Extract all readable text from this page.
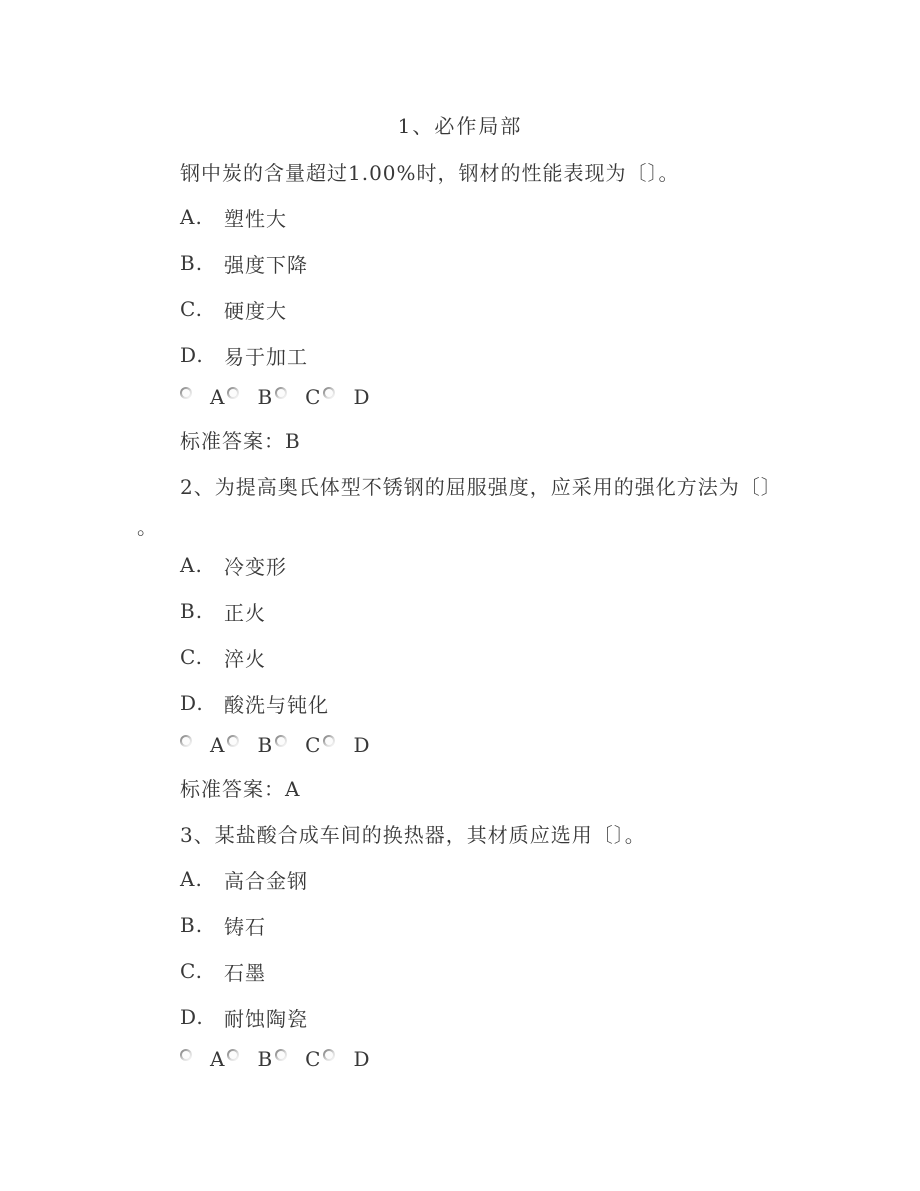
1、必作局部
钢中炭的含量超过1.00%时，钢材的性能表现为〔〕。
A.	塑性大
B.	强度下降
C.	硬度大
D.	易于加工
A B C D
标准答案：B
2、为提高奥氏体型不锈钢的屈服强度，应采用的强化方法为〔〕
。
A.	冷变形
B.	正火
C.	淬火
D.	酸洗与钝化
A B C D
标准答案：A
3、某盐酸合成车间的换热器，其材质应选用〔〕。
A.	高合金钢
B.	铸石
C.	石墨
D.	耐蚀陶瓷
A B C D
